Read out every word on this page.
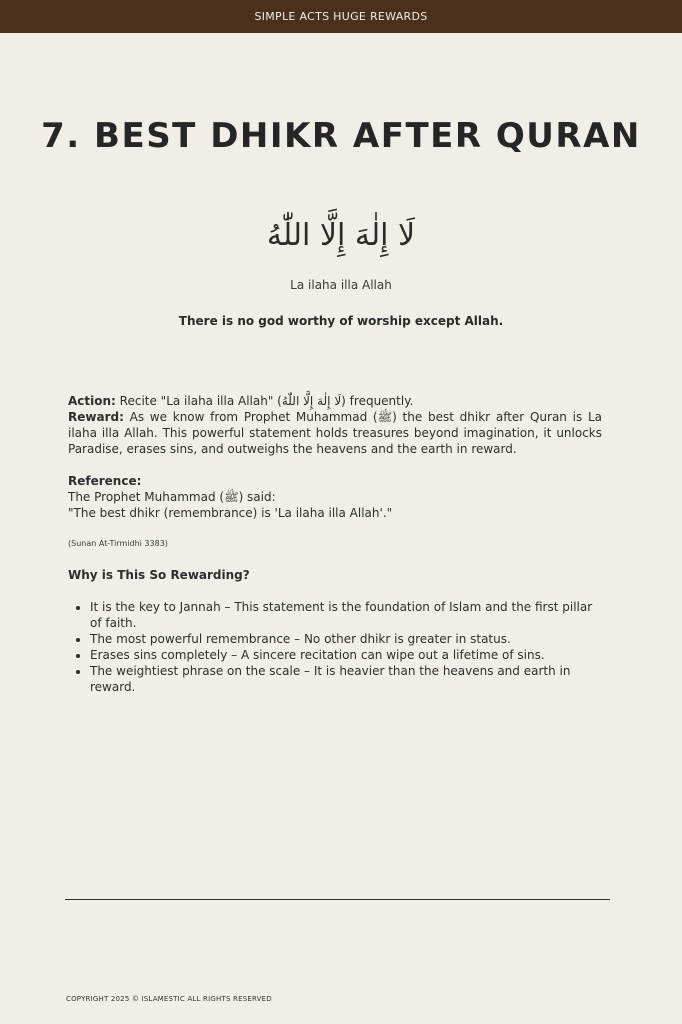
SIMPLE ACTS HUGE REWARDS
7. BEST DHIKR AFTER QURAN
لَا إِلٰهَ إِلَّا اللّٰهُ
La ilaha illa Allah
There is no god worthy of worship except Allah.

Action: Recite "La ilaha illa Allah" (لَا إِلٰهَ إِلَّا اللّٰهُ) frequently.

Reward: As we know from Prophet Muhammad (ﷺ) the best dhikr after Quran is La ilaha illa Allah. This powerful statement holds treasures beyond imagination, it unlocks Paradise, erases sins, and outweighs the heavens and the earth in reward.

Reference:

The Prophet Muhammad (ﷺ) said:

"The best dhikr (remembrance) is 'La ilaha illa Allah'."

(Sunan At-Tirmidhi 3383)

Why is This So Rewarding?

• It is the key to Jannah – This statement is the foundation of Islam and the first pillar of faith.
• The most powerful remembrance – No other dhikr is greater in status.
• Erases sins completely – A sincere recitation can wipe out a lifetime of sins.
• The weightiest phrase on the scale – It is heavier than the heavens and earth in reward.
COPYRIGHT 2025 © ISLAMESTIC ALL RIGHTS RESERVED
